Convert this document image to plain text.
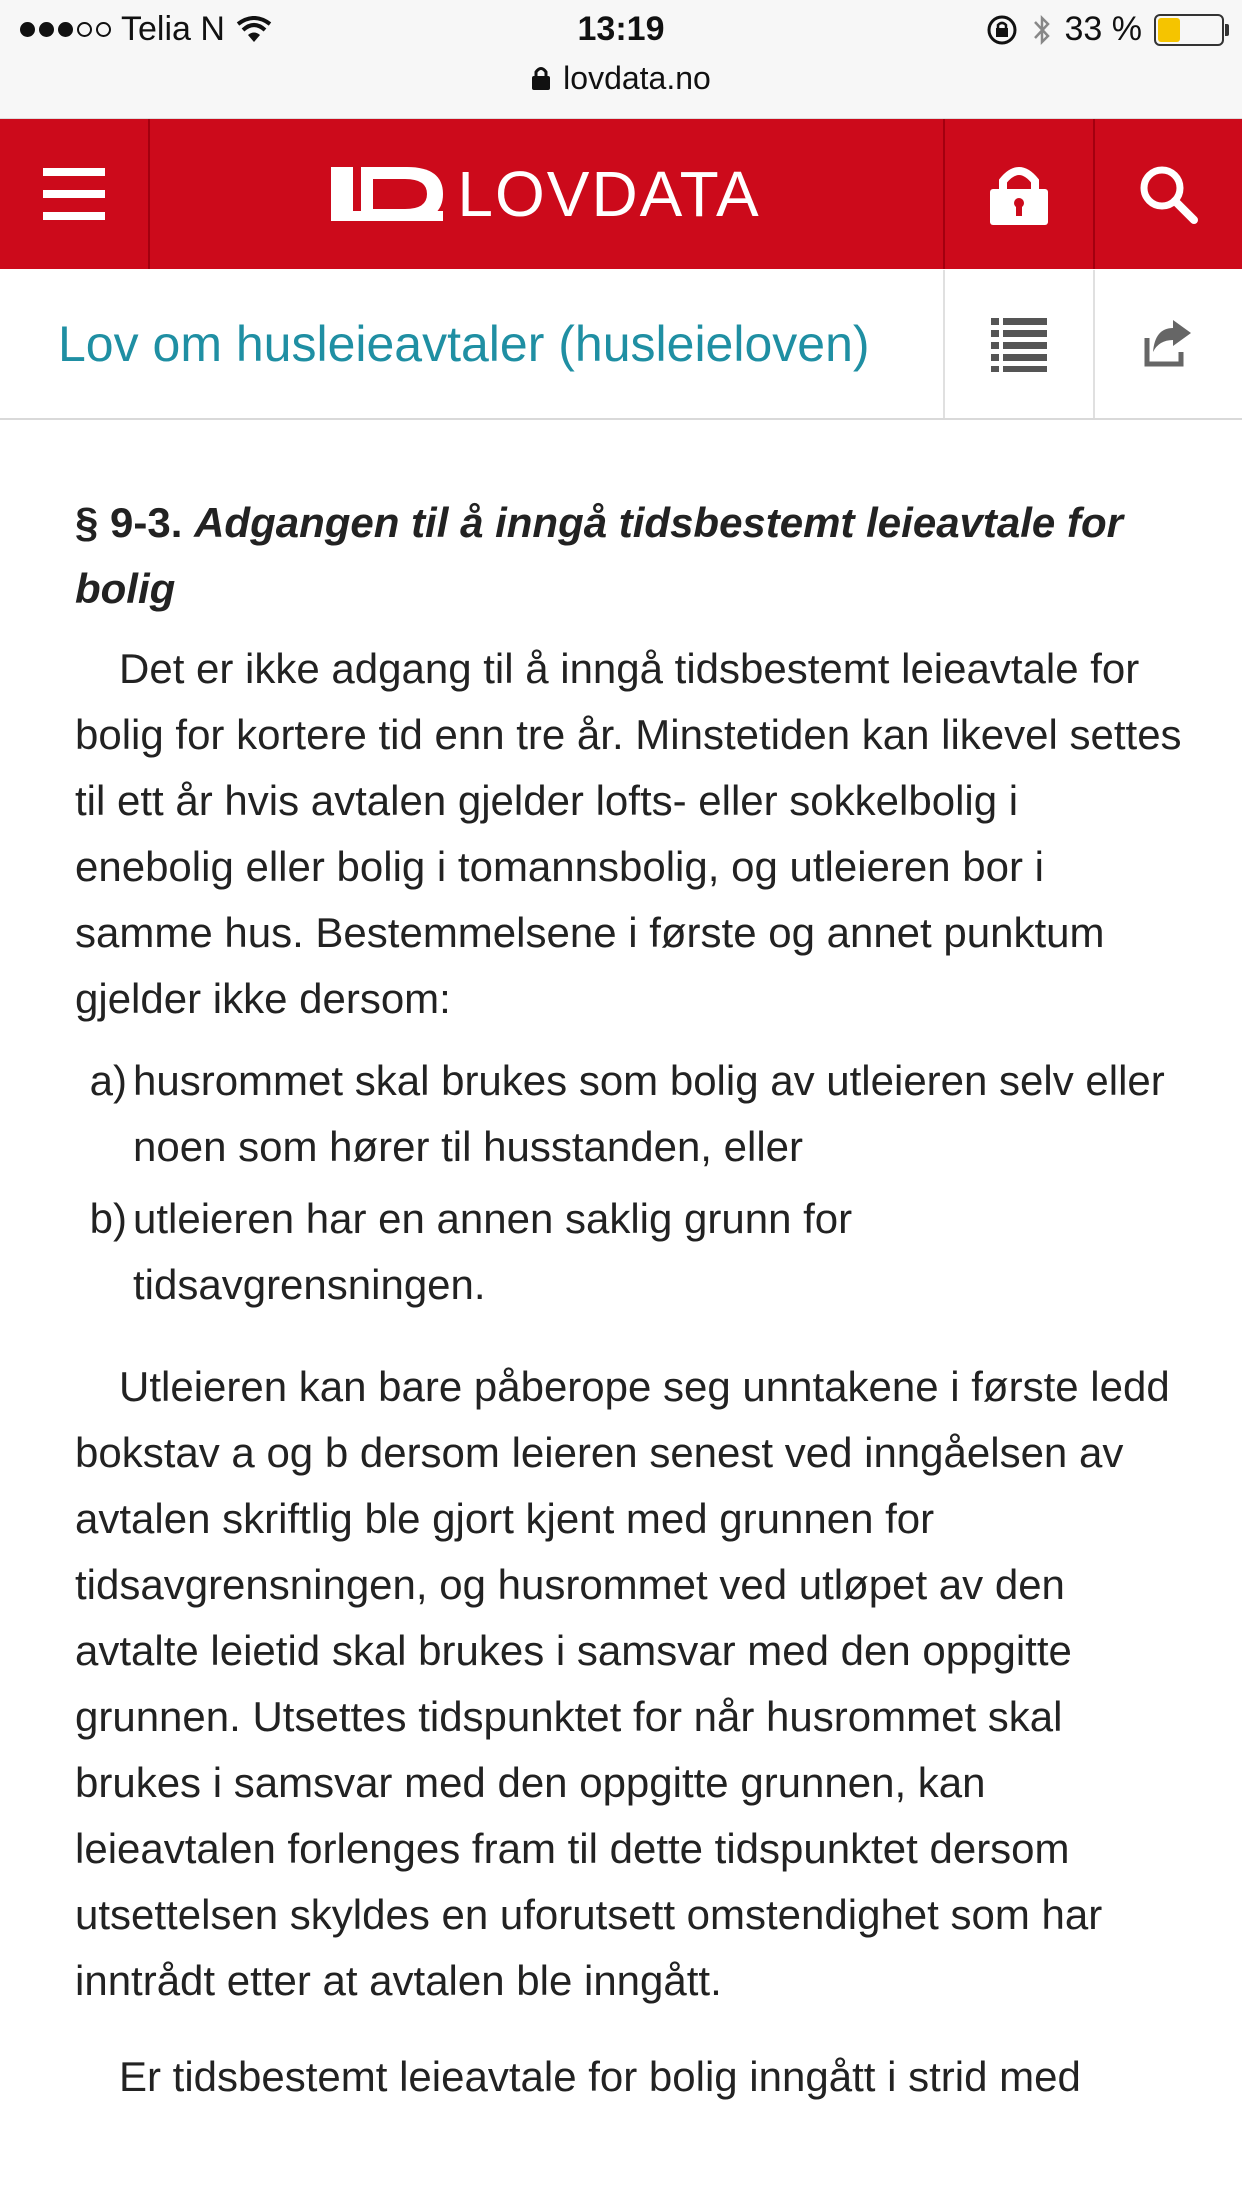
Telia N	13:19	33 %
lovdata.no
LOVDATA
Lov om husleieavtaler (husleieloven)
§ 9-3. Adgangen til å inngå tidsbestemt leieavtale for bolig

Det er ikke adgang til å inngå tidsbestemt leieavtale for bolig for kortere tid enn tre år. Minstetiden kan likevel settes til ett år hvis avtalen gjelder lofts- eller sokkelbolig i enebolig eller bolig i tomannsbolig, og utleieren bor i samme hus. Bestemmelsene i første og annet punktum gjelder ikke dersom:

a) husrommet skal brukes som bolig av utleieren selv eller noen som hører til husstanden, eller
b) utleieren har en annen saklig grunn for tidsavgrensningen.

Utleieren kan bare påberope seg unntakene i første ledd bokstav a og b dersom leieren senest ved inngåelsen av avtalen skriftlig ble gjort kjent med grunnen for tidsavgrensningen, og husrommet ved utløpet av den avtalte leietid skal brukes i samsvar med den oppgitte grunnen. Utsettes tidspunktet for når husrommet skal brukes i samsvar med den oppgitte grunnen, kan leieavtalen forlenges fram til dette tidspunktet dersom utsettelsen skyldes en uforutsett omstendighet som har inntrådt etter at avtalen ble inngått.

Er tidsbestemt leieavtale for bolig inngått i strid med
